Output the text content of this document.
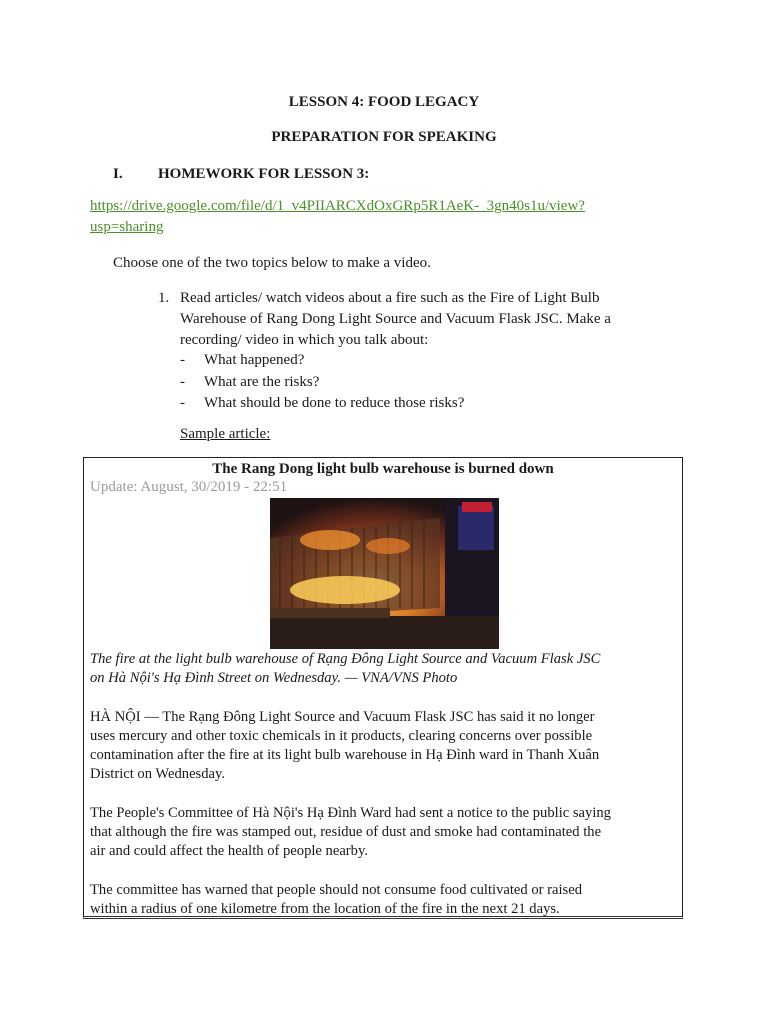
LESSON 4: FOOD LEGACY
PREPARATION FOR SPEAKING
I. HOMEWORK FOR LESSON 3:
https://drive.google.com/file/d/1_v4PIIARCXdOxGRp5R1AeK-_3gn40s1u/view?
usp=sharing
Choose one of the two topics below to make a video.
1. Read articles/ watch videos about a fire such as the Fire of Light Bulb
Warehouse of Rang Dong Light Source and Vacuum Flask JSC. Make a
recording/ video in which you talk about:
- What happened?
- What are the risks?
- What should be done to reduce those risks?
Sample article:
The Rang Dong light bulb warehouse is burned down
Update: August, 30/2019 - 22:51
The fire at the light bulb warehouse of Rạng Đông Light Source and Vacuum Flask JSC
on Hà Nội's Hạ Đình Street on Wednesday. — VNA/VNS Photo
HÀ NỘI — The Rạng Đông Light Source and Vacuum Flask JSC has said it no longer
uses mercury and other toxic chemicals in it products, clearing concerns over possible
contamination after the fire at its light bulb warehouse in Hạ Đình ward in Thanh Xuân
District on Wednesday.
The People's Committee of Hà Nội's Hạ Đình Ward had sent a notice to the public saying
that although the fire was stamped out, residue of dust and smoke had contaminated the
air and could affect the health of people nearby.
The committee has warned that people should not consume food cultivated or raised
within a radius of one kilometre from the location of the fire in the next 21 days.
